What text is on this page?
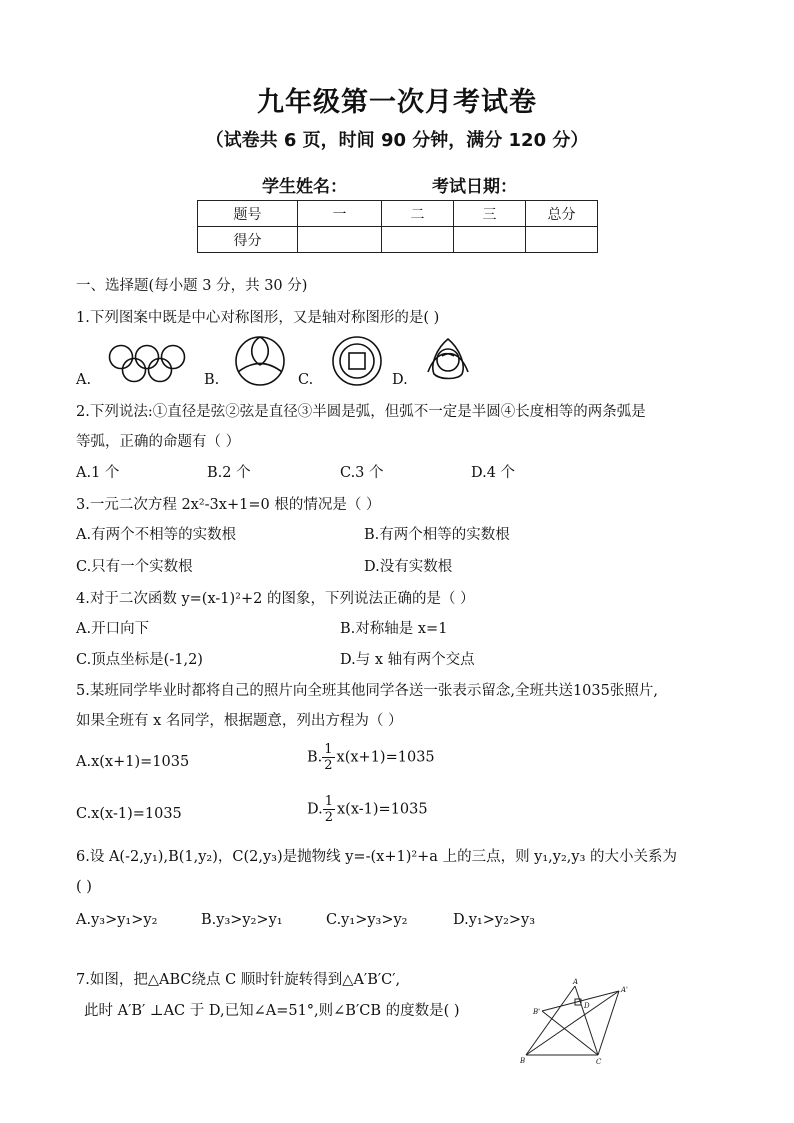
九年级第一次月考试卷
（试卷共 6 页，时间 90 分钟，满分 120 分）
学生姓名：	考试日期：
题号	一	二	三	总分
得分				
一、选择题(每小题 3 分，共 30 分)
1.下列图案中既是中心对称图形，又是轴对称图形的是( )
A.	B.	C.	D.
2.下列说法:①直径是弦②弦是直径③半圆是弧，但弧不一定是半圆④长度相等的两条弧是
等弧，正确的命题有（ ）
A.1 个	B.2 个	C.3 个	D.4 个
3.一元二次方程 2x²-3x+1=0 根的情况是（ ）
A.有两个不相等的实数根	B.有两个相等的实数根
C.只有一个实数根	D.没有实数根
4.对于二次函数 y=(x-1)²+2 的图象，下列说法正确的是（ ）
A.开口向下	B.对称轴是 x=1
C.顶点坐标是(-1,2)	D.与 x 轴有两个交点
5.某班同学毕业时都将自己的照片向全班其他同学各送一张表示留念,全班共送1035张照片,
如果全班有 x 名同学，根据题意，列出方程为（ ）
A.x(x+1)=1035	B. $\frac{1}{2} x(x+1)=1035$
C.x(x-1)=1035	D. $\frac{1}{2} x(x-1)=1035$
6.设 A(-2,y₁),B(1,y₂)，C(2,y₃)是抛物线 y=-(x+1)²+a 上的三点，则 y₁,y₂,y₃ 的大小关系为
( )
A.y₃>y₁>y₂	B.y₃>y₂>y₁	C.y₁>y₃>y₂	D.y₁>y₂>y₃
7.如图，把△ABC绕点 C 顺时针旋转得到△A′B′C′,
此时 A′B′ ⊥AC 于 D,已知∠A=51°,则∠B′CB 的度数是( )
A
A'
B'
D
B	C
